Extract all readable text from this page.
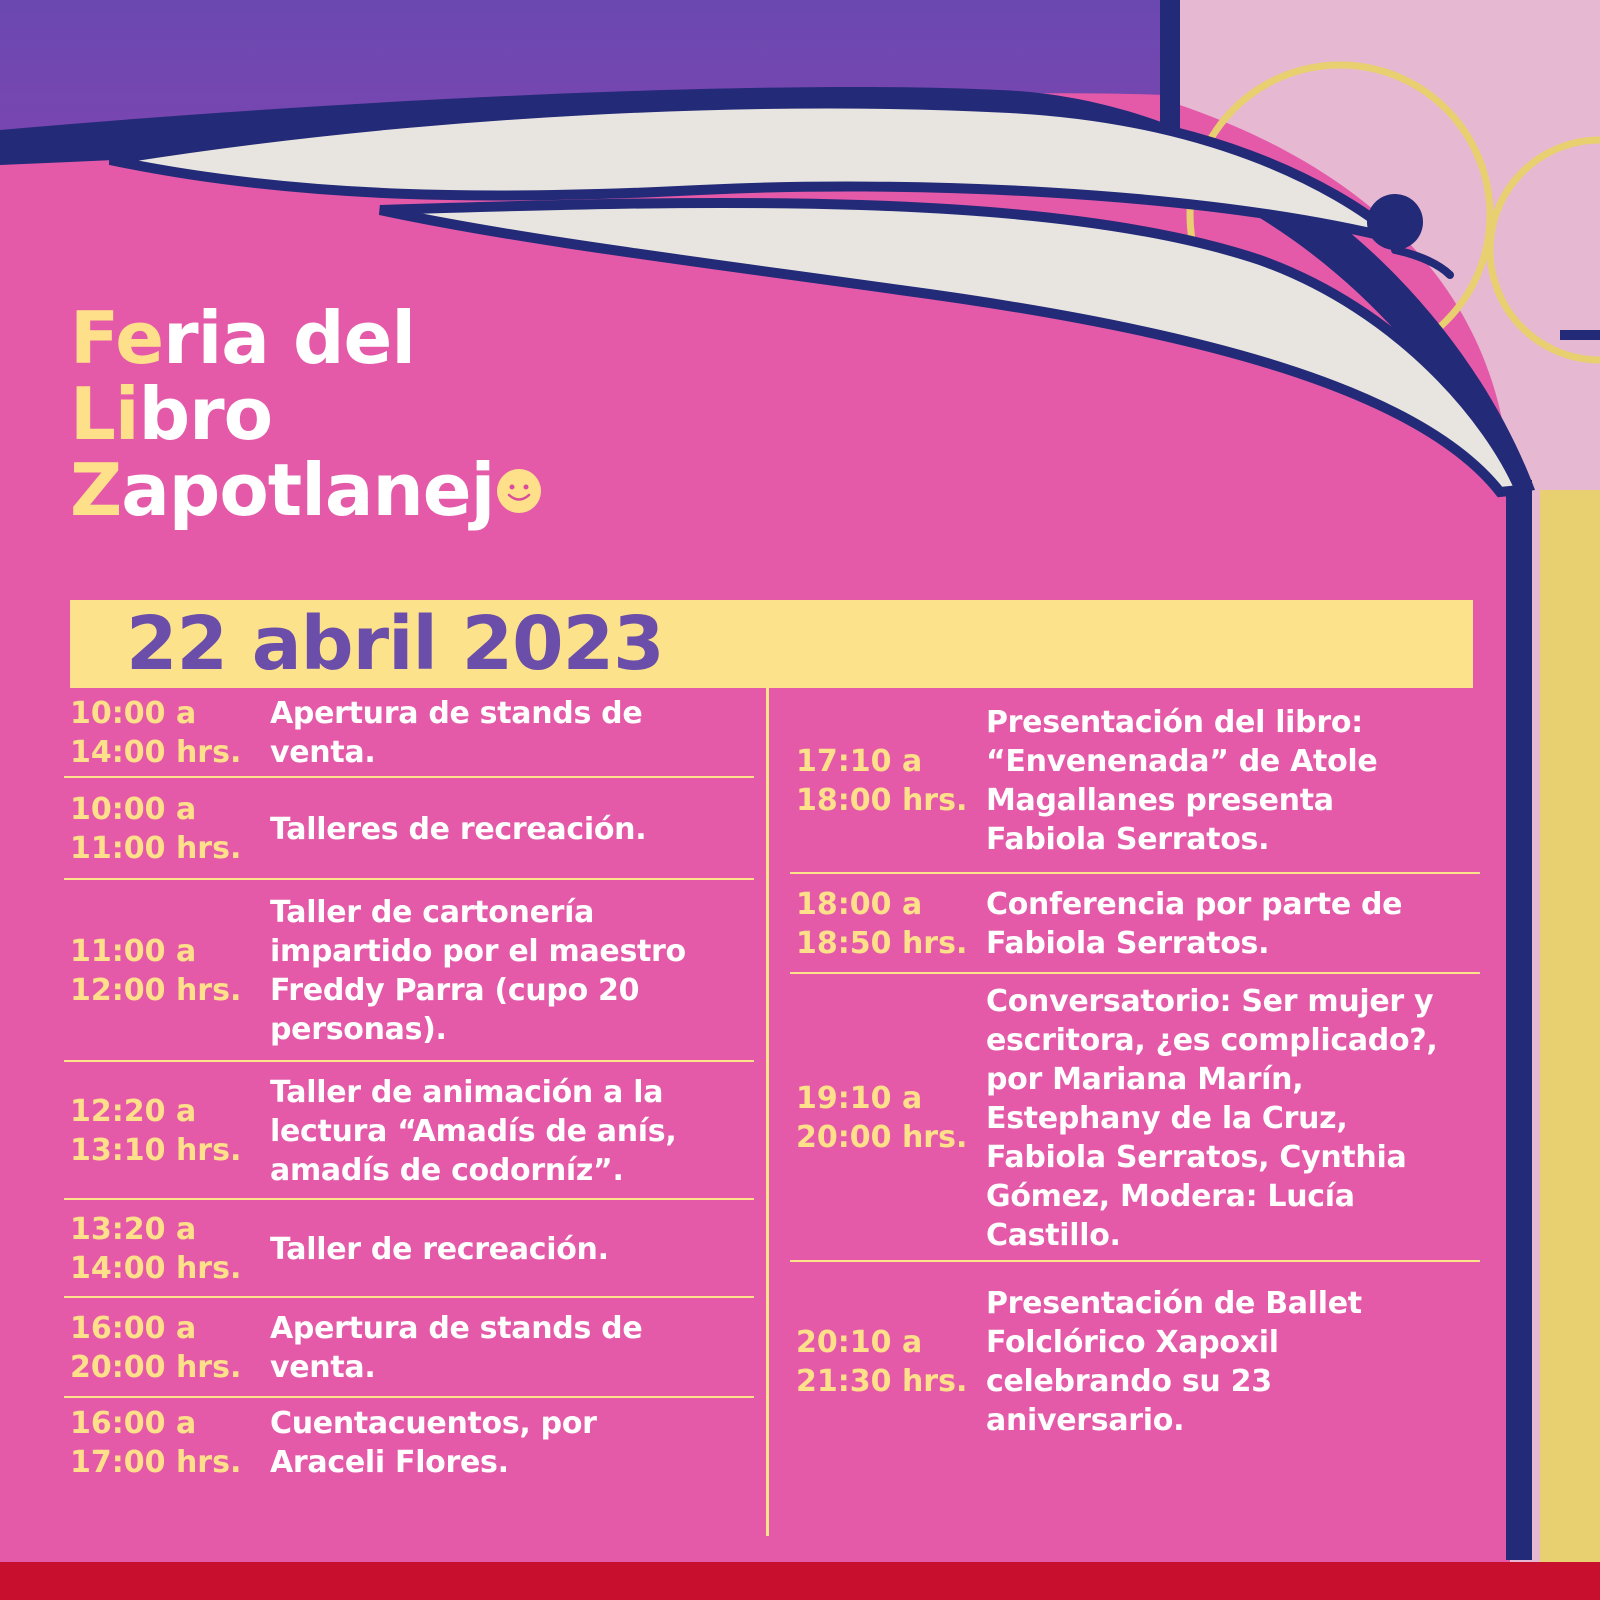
Feria del
Libro
Zapotlanej
22 abril 2023
10:00 a
14:00 hrs.
Apertura de stands de
venta.
10:00 a
11:00 hrs.
Talleres de recreación.
11:00 a
12:00 hrs.
Taller de cartonería
impartido por el maestro
Freddy Parra (cupo 20
personas).
12:20 a
13:10 hrs.
Taller de animación a la
lectura “Amadís de anís,
amadís de codorníz”.
13:20 a
14:00 hrs.
Taller de recreación.
16:00 a
20:00 hrs.
Apertura de stands de
venta.
16:00 a
17:00 hrs.
Cuentacuentos, por
Araceli Flores.
17:10 a
18:00 hrs.
Presentación del libro:
“Envenenada” de Atole
Magallanes presenta
Fabiola Serratos.
18:00 a
18:50 hrs.
Conferencia por parte de
Fabiola Serratos.
19:10 a
20:00 hrs.
Conversatorio: Ser mujer y
escritora, ¿es complicado?,
por Mariana Marín,
Estephany de la Cruz,
Fabiola Serratos, Cynthia
Gómez, Modera: Lucía
Castillo.
20:10 a
21:30 hrs.
Presentación de Ballet
Folclórico Xapoxil
celebrando su 23
aniversario.
